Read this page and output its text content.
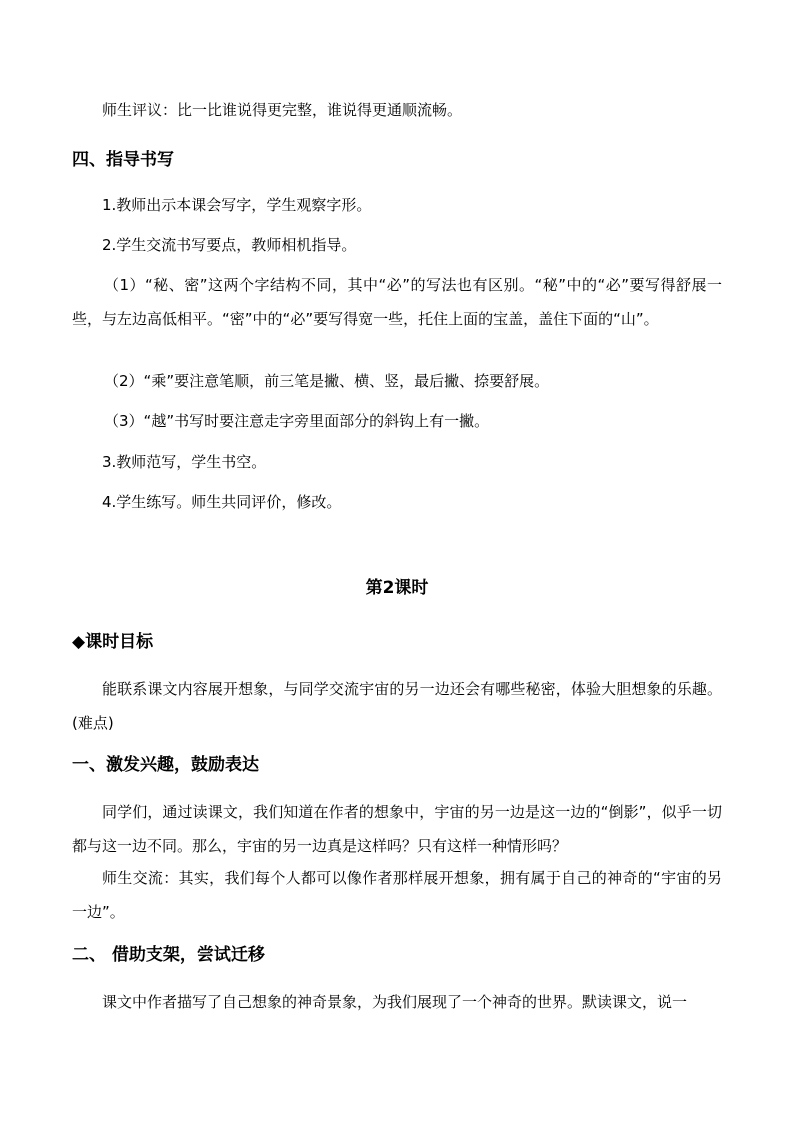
师生评议：比一比谁说得更完整，谁说得更通顺流畅。

四、指导书写

1.教师出示本课会写字，学生观察字形。

2.学生交流书写要点，教师相机指导。

（1）“秘、密”这两个字结构不同，其中“必”的写法也有区别。“秘”中的“必”要写得舒展一些，与左边高低相平。“密”中的“必”要写得宽一些，托住上面的宝盖，盖住下面的“山”。

（2）“乘”要注意笔顺，前三笔是撇、横、竖，最后撇、捺要舒展。

（3）“越”书写时要注意走字旁里面部分的斜钩上有一撇。

3.教师范写，学生书空。

4.学生练写。师生共同评价，修改。

第2课时
◆课时目标

能联系课文内容展开想象，与同学交流宇宙的另一边还会有哪些秘密，体验大胆想象的乐趣。(难点)

一、激发兴趣，鼓励表达

同学们，通过读课文，我们知道在作者的想象中，宇宙的另一边是这一边的“倒影”，似乎一切都与这一边不同。那么，宇宙的另一边真是这样吗？只有这样一种情形吗？

师生交流：其实，我们每个人都可以像作者那样展开想象，拥有属于自己的神奇的“宇宙的另一边”。

二、 借助支架，尝试迁移

课文中作者描写了自己想象的神奇景象，为我们展现了一个神奇的世界。默读课文，说一
